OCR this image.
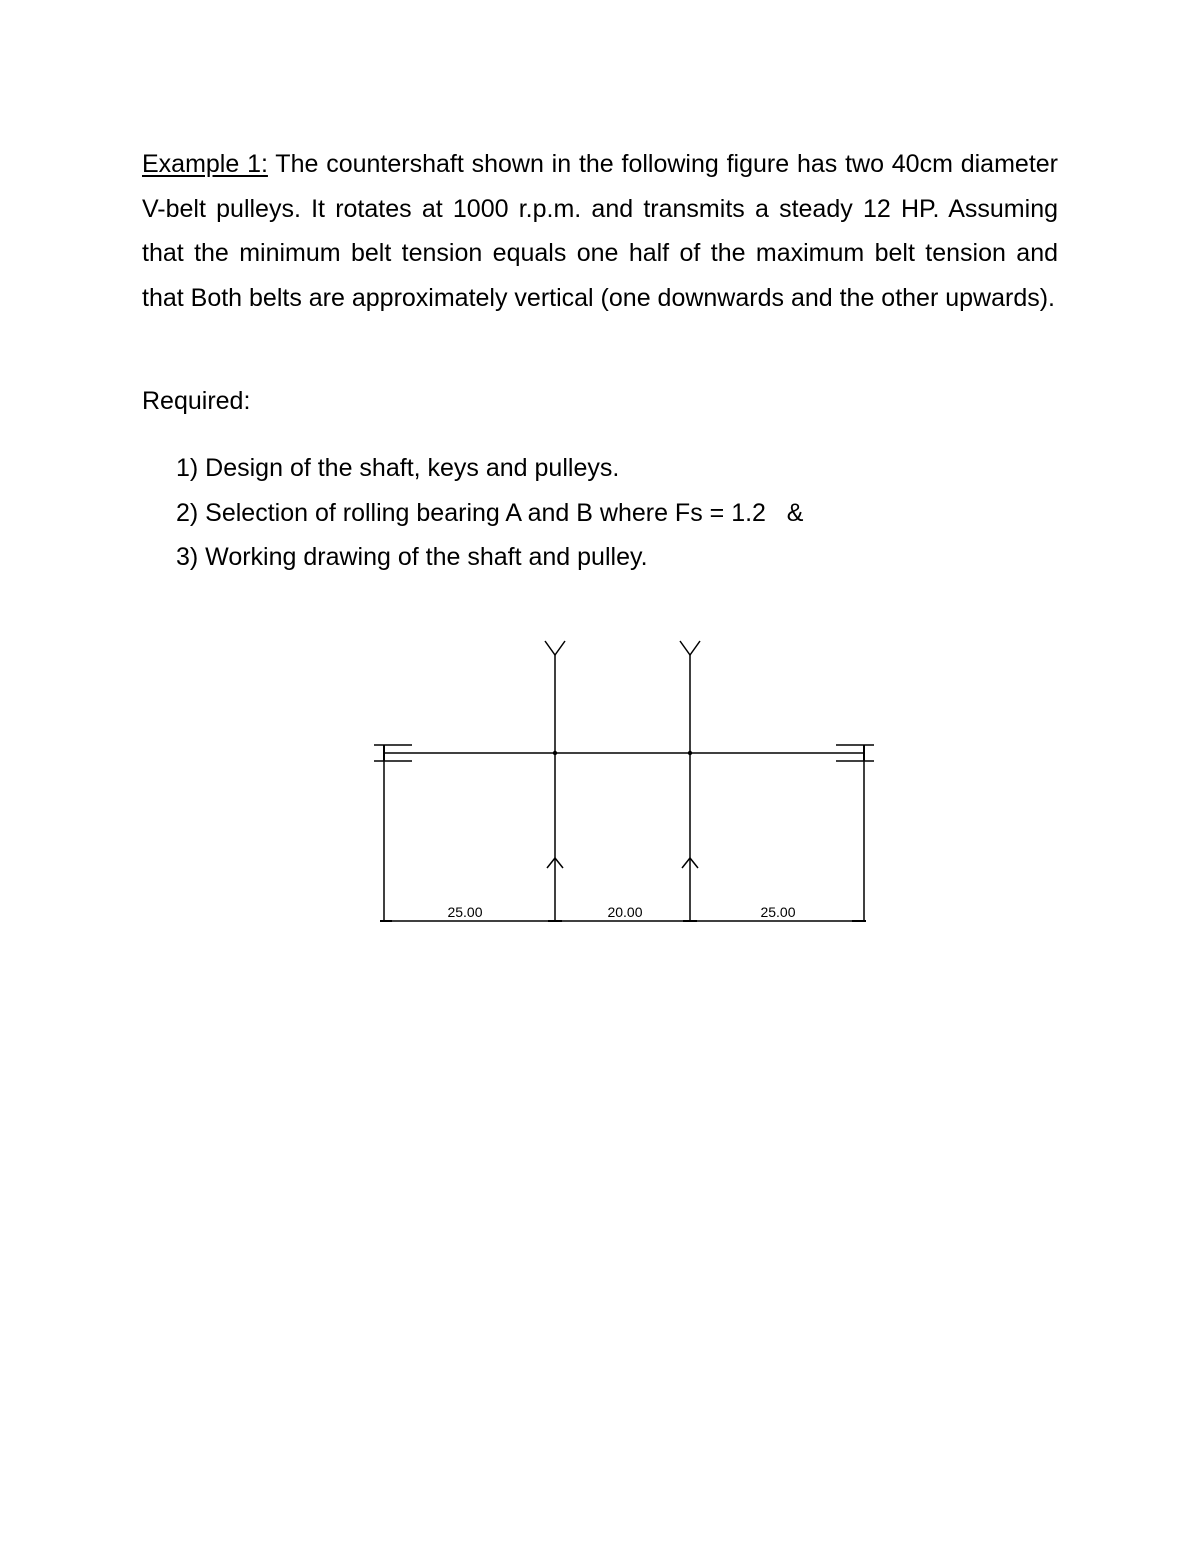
Example 1: The countershaft shown in the following figure has two 40cm diameter V-belt pulleys. It rotates at 1000 r.p.m. and transmits a steady 12 HP. Assuming that the minimum belt tension equals one half of the maximum belt tension and that Both belts are approximately vertical (one downwards and the other upwards).

Required:
1) Design of the shaft, keys and pulleys.
2) Selection of rolling bearing A and B where Fs = 1.2   &
3) Working drawing of the shaft and pulley.
25.00	20.00	25.00
